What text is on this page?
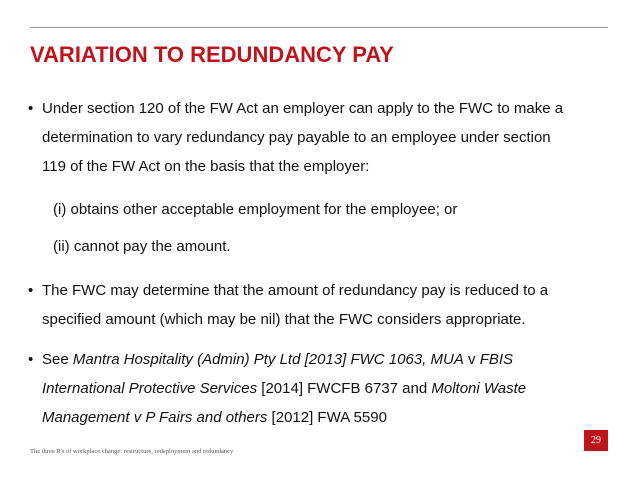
VARIATION TO REDUNDANCY PAY
• Under section 120 of the FW Act an employer can apply to the FWC to make a
determination to vary redundancy pay payable to an employee under section
119 of the FW Act on the basis that the employer:
(i) obtains other acceptable employment for the employee; or
(ii) cannot pay the amount.
• The FWC may determine that the amount of redundancy pay is reduced to a
specified amount (which may be nil) that the FWC considers appropriate.
• See Mantra Hospitality (Admin) Pty Ltd [2013] FWC 1063, MUA v FBIS
International Protective Services [2014] FWCFB 6737 and Moltoni Waste
Management v P Fairs and others [2012] FWA 5590
29
The three R's of workplace change: restructure, redeployment and redundancy
